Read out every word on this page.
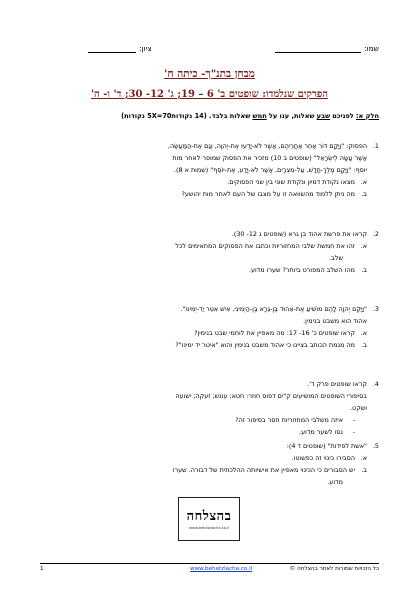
שמו:
ציון:
מבחן בתנ"ך- כיתה ח'
הפרקים שנלמדו: שופטים ב' 6 – 19; ג' 12- 30; ד' ו- ה'
חלק א: לפניכם שבע שאלות, ענו על חמש שאלות בלבד. (14 נקודות5X=70 נקודות)
1.
הפסוק: "וַיָּקָם דּוֹר אַחֵר אַחֲרֵיהֶם, אֲשֶׁר לֹא-יָדְעוּ אֶת-יְהוָה, וְגַם אֶת-הַמַּעֲשֶׂה,
אֲשֶׁר עָשָׂה לְיִשְׂרָאֵל" (שופטים ב 10) מזכיר את הפסוק שמופר לאחר מות
יוסף: "וַיָּקָם מֶלֶךְ-חָדָשׁ, עַל-מִצְרָיִם, אֲשֶׁר לֹא-יָדַע, אֶת-יוֹסֵף" (שמות א 8).
א.
מצאו נקודת דמיון ונקודת שוני בין שני הפסוקים.
ב.
מה ניתן ללמוד מהשוואה זו על מצבו של העם לאחר מות יהושע?
2.
קראו את פרשת אהוד בן גרא (שופטים ג 12- 30).
א.
זהו את חמשת שלבי המחזוריות וכתבו את הפסוקים המתאימים לכל
שלב.
ב.
מהו השלב המפורט ביותר? שערו מדוע.
3.
"וַיָּקֶם יְהוָה לָהֶם מוֹשִׁיעַ אֶת-אֵהוּד בֶּן-גֵּרָא בֶּן-הַיְמִינִי, אִישׁ אִטֵּר יַד-יְמִינוֹ".
אהוד הוא משבט בנימין.
א.
קראו שופטים כ' 16- 17: מה מאפיין את לוחמי שבט בנימין?
ב.
מה מגמת הכותב בציינו כי אהוד משבט בנימין והוא "איטר יד ימינו"?
4.
קראו שופטים פרק ד'.
בסיפורי השופטים המושיעים ק"ים דפוס חוזר: חטא; עונש; זעקה; ישועה
ושקט.
-
איזה משלבי המחזוריות חסר בסיפור זה?
-
נסו לשער מדוע.
5.
"אשת לפידות" (שופטים ד 4):
א.
הסבירו כינוי זה כפשוטו.
ב.
יש הסבורים כי הכינוי מאפיין את אישיותה ההלכתית של דבורה. שערו
מדוע.
בהצלחה
www.behatzlacha.co.il
כל הזכויות שמורות לאתר בהצלחה ©
www.behatzlacha.co.il
1
